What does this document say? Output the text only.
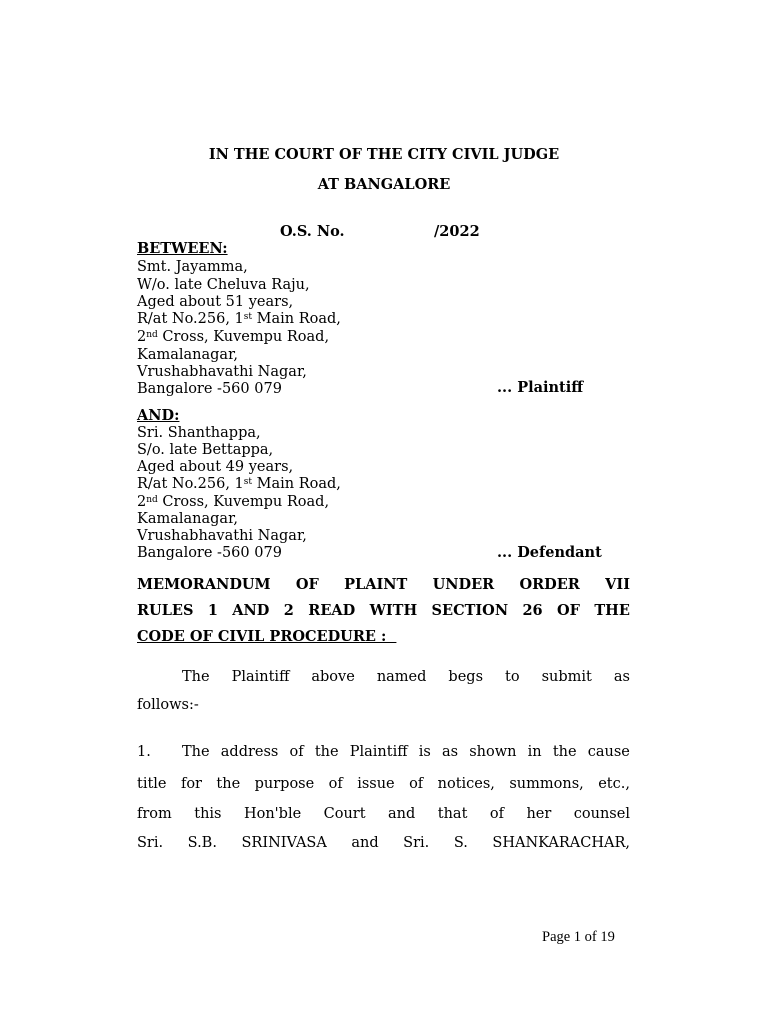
IN THE COURT OF THE CITY CIVIL JUDGE
AT BANGALORE
O.S. No.	/2022
BETWEEN:
Smt. Jayamma,
W/o. late Cheluva Raju,
Aged about 51 years,
R/at No.256, 1st Main Road,
2nd Cross, Kuvempu Road,
Kamalanagar,
Vrushabhavathi Nagar,
Bangalore -560 079	... Plaintiff
AND:
Sri. Shanthappa,
S/o. late Bettappa,
Aged about 49 years,
R/at No.256, 1st Main Road,
2nd Cross, Kuvempu Road,
Kamalanagar,
Vrushabhavathi Nagar,
Bangalore -560 079	... Defendant
MEMORANDUM OF PLAINT UNDER ORDER VII
RULES 1 AND 2 READ WITH SECTION 26 OF THE
CODE OF CIVIL PROCEDURE :
The Plaintiff above named begs to submit as
follows:-
1. The address of the Plaintiff is as shown in the cause
title for the purpose of issue of notices, summons, etc.,
from this Hon'ble Court and that of her counsel
Sri. S.B. SRINIVASA and Sri. S. SHANKARACHAR,
Page 1 of 19
